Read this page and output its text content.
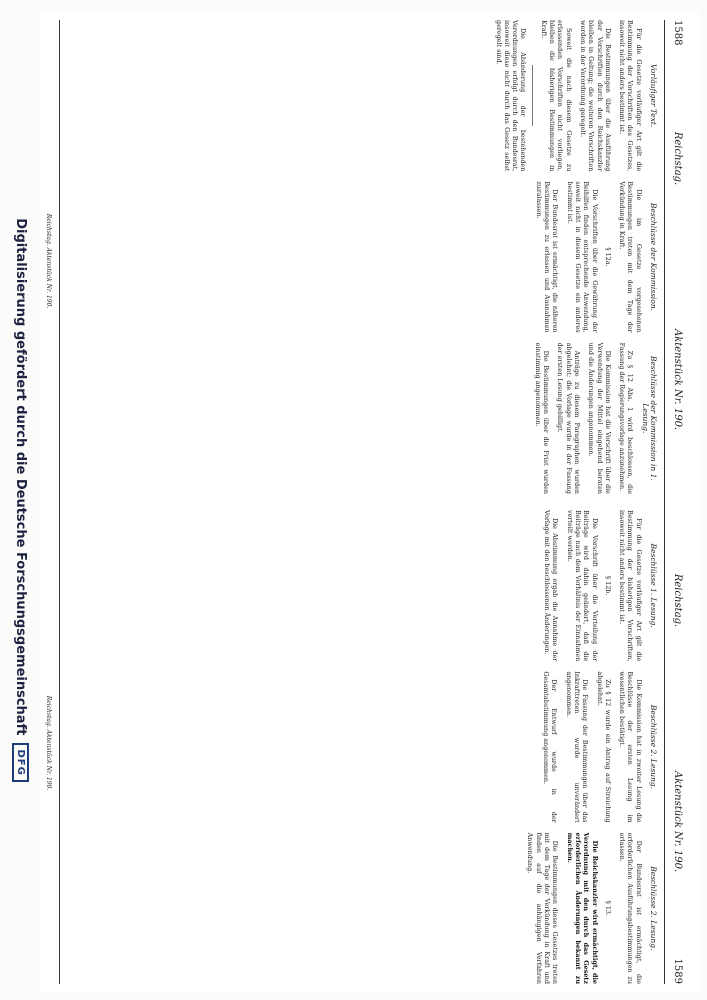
1588
Reichstag.
Aktenstück Nr. 190.
Reichstag.
Aktenstück Nr. 190.
1589
Vorläufiger Text.

Für die Gesetze vorläufiger Art gilt die Bestimmung der Vorschriften des Gesetzes, insoweit nicht anders bestimmt ist.

Die Bestimmungen über die Ausführung der Vorschriften durch den Reichskanzler bleiben in Geltung; die weiteren Vorschriften werden in der Verordnung geregelt.

Soweit die nach diesem Gesetze zu erlassenden Vorschriften nicht vorliegen, bleiben die bisherigen Bestimmungen in Kraft.

Die Abänderung der bestehenden Verordnungen erfolgt durch den Bundesrat, insoweit diese nicht durch das Gesetz selbst geregelt sind.

Beschlüsse der Kommission.

Die im Gesetze vorgesehenen Bestimmungen treten mit dem Tage der Verkündung in Kraft.

§ 12a.

Die Vorschriften über die Gewährung der Beihilfen finden entsprechende Anwendung, soweit nicht in diesem Gesetze ein anderes bestimmt ist.

Der Bundesrat ist ermächtigt, die näheren Bestimmungen zu erlassen und Ausnahmen zuzulassen.

Beschlüsse der Kommission in 1. Lesung.

Zu § 12 Abs. 1 wird beschlossen, die Fassung der Regierungsvorlage anzunehmen.

Die Kommission hat die Vorschrift über die Verwendung der Mittel eingehend beraten und die Änderungen angenommen.

Anträge zu diesem Paragraphen wurden abgelehnt; die Vorlage wurde in der Fassung der ersten Lesung gebilligt.

Die Bestimmungen über die Frist wurden einstimmig angenommen.

Beschlüsse 1. Lesung.

Für die Gesetze vorläufiger Art gilt die Bestimmung der bisherigen Vorschriften, insoweit nicht anders bestimmt ist.

§ 12b.

Die Vorschrift über die Verteilung der Beiträge wird dahin geändert, daß die Beiträge nach dem Verhältnis der Einnahmen verteilt werden.

Die Abstimmung ergab die Annahme der Vorlage mit den beschlossenen Änderungen.

Beschlüsse 2. Lesung.

Die Kommission hat in zweiter Lesung die Beschlüsse der ersten Lesung im wesentlichen bestätigt.

Zu § 12 wurde ein Antrag auf Streichung abgelehnt.

Die Fassung der Bestimmungen über das Inkrafttreten wurde unverändert angenommen.

Der Entwurf wurde in der Gesamtabstimmung angenommen.

Beschlüsse 2. Lesung.

Der Bundesrat ist ermächtigt, die erforderlichen Ausführungsbestimmungen zu erlassen.

§ 13.

Die Reichskanzler wird ermächtigt, die Verordnung mit den durch das Gesetz erforderlichen Änderungen bekannt zu machen.

Die Bestimmungen dieses Gesetzes treten mit dem Tage der Verkündung in Kraft und finden auf die anhängigen Verfahren Anwendung.

Reichstag. Aktenstück Nr. 190.
Reichstag. Aktenstück Nr. 190.
Digitalisierung gefördert durch die Deutsche Forschungsgemeinschaft
DFG
